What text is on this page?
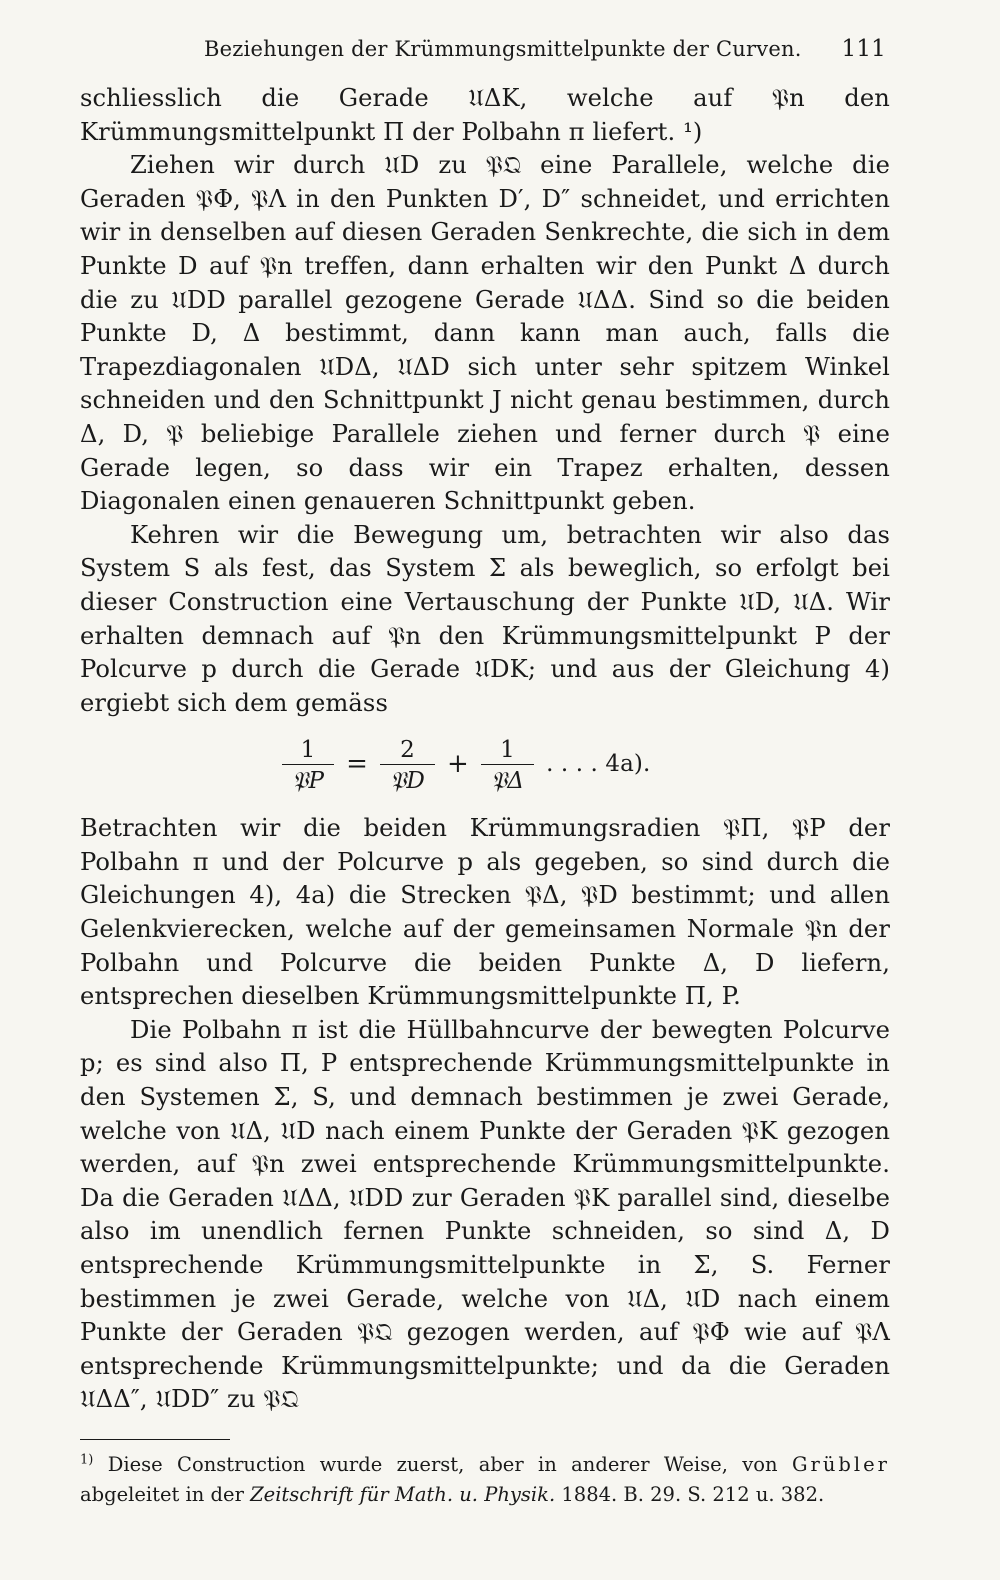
Beziehungen der Krümmungsmittelpunkte der Curven. 111

schliesslich die Gerade 𝔘ΔK, welche auf 𝔓n den Krümmungsmittelpunkt Π der Polbahn π liefert. ¹)

Ziehen wir durch 𝔘D zu 𝔓𝔔 eine Parallele, welche die Geraden 𝔓Φ, 𝔓Λ in den Punkten D′, D″ schneidet, und errichten wir in denselben auf diesen Geraden Senkrechte, die sich in dem Punkte D auf 𝔓n treffen, dann erhalten wir den Punkt Δ durch die zu 𝔘DD parallel gezogene Gerade 𝔘ΔΔ. Sind so die beiden Punkte D, Δ bestimmt, dann kann man auch, falls die Trapezdiagonalen 𝔘DΔ, 𝔘ΔD sich unter sehr spitzem Winkel schneiden und den Schnittpunkt J nicht genau bestimmen, durch Δ, D, 𝔓 beliebige Parallele ziehen und ferner durch 𝔓 eine Gerade legen, so dass wir ein Trapez erhalten, dessen Diagonalen einen genaueren Schnittpunkt geben.

Kehren wir die Bewegung um, betrachten wir also das System S als fest, das System Σ als beweglich, so erfolgt bei dieser Construction eine Vertauschung der Punkte 𝔘D, 𝔘Δ. Wir erhalten demnach auf 𝔓n den Krümmungsmittelpunkt P der Polcurve p durch die Gerade 𝔘DK; und aus der Gleichung 4) ergiebt sich dem gemäss

$\frac{1}{\text{𝔓P}} = \frac{2}{\text{𝔓D}} + \frac{1}{\text{𝔓Δ}}$ . . . . 4a).

Betrachten wir die beiden Krümmungsradien 𝔓Π, 𝔓P der Polbahn π und der Polcurve p als gegeben, so sind durch die Gleichungen 4), 4a) die Strecken 𝔓Δ, 𝔓D bestimmt; und allen Gelenkvierecken, welche auf der gemeinsamen Normale 𝔓n der Polbahn und Polcurve die beiden Punkte Δ, D liefern, entsprechen dieselben Krümmungsmittelpunkte Π, P.

Die Polbahn π ist die Hüllbahncurve der bewegten Polcurve p; es sind also Π, P entsprechende Krümmungsmittelpunkte in den Systemen Σ, S, und demnach bestimmen je zwei Gerade, welche von 𝔘Δ, 𝔘D nach einem Punkte der Geraden 𝔓K gezogen werden, auf 𝔓n zwei entsprechende Krümmungsmittelpunkte. Da die Geraden 𝔘ΔΔ, 𝔘DD zur Geraden 𝔓K parallel sind, dieselbe also im unendlich fernen Punkte schneiden, so sind Δ, D entsprechende Krümmungsmittelpunkte in Σ, S. Ferner bestimmen je zwei Gerade, welche von 𝔘Δ, 𝔘D nach einem Punkte der Geraden 𝔓𝔔 gezogen werden, auf 𝔓Φ wie auf 𝔓Λ entsprechende Krümmungsmittelpunkte; und da die Geraden 𝔘ΔΔ″, 𝔘DD″ zu 𝔓𝔔

$^{1)}$ Diese Construction wurde zuerst, aber in anderer Weise, von Grübler abgeleitet in der Zeitschrift für Math. u. Physik. 1884. B. 29. S. 212 u. 382.
